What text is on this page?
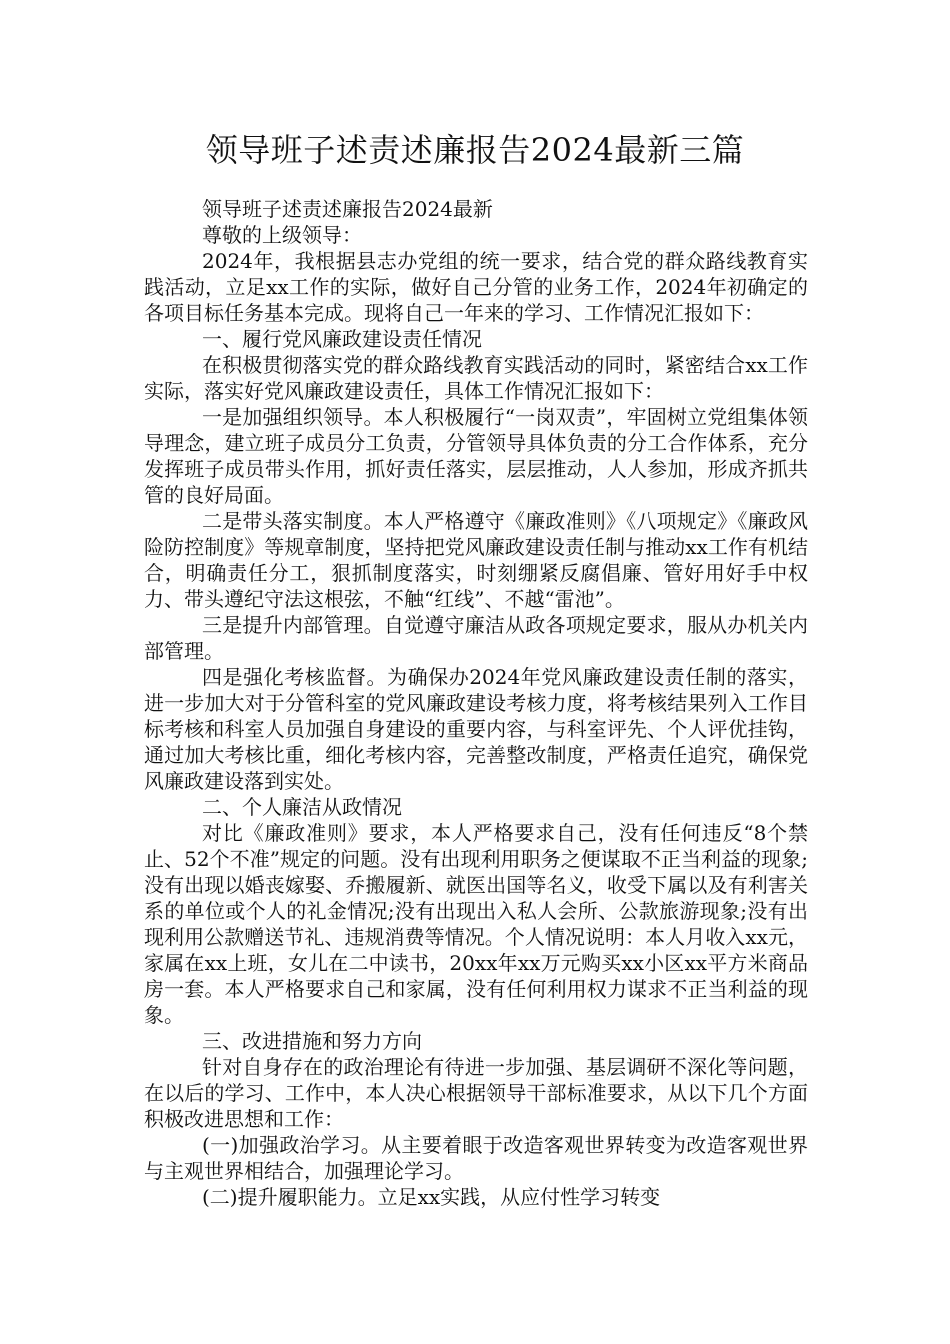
领导班子述责述廉报告2024最新三篇

领导班子述责述廉报告2024最新

尊敬的上级领导：

2024年，我根据县志办党组的统一要求，结合党的群众路线教育实践活动，立足xx工作的实际，做好自己分管的业务工作，2024年初确定的各项目标任务基本完成。现将自己一年来的学习、工作情况汇报如下：

一、履行党风廉政建设责任情况

在积极贯彻落实党的群众路线教育实践活动的同时，紧密结合xx工作实际，落实好党风廉政建设责任，具体工作情况汇报如下：

一是加强组织领导。本人积极履行“一岗双责”，牢固树立党组集体领导理念，建立班子成员分工负责，分管领导具体负责的分工合作体系，充分发挥班子成员带头作用，抓好责任落实，层层推动，人人参加，形成齐抓共管的良好局面。

二是带头落实制度。本人严格遵守《廉政准则》《八项规定》《廉政风险防控制度》等规章制度，坚持把党风廉政建设责任制与推动xx工作有机结合，明确责任分工，狠抓制度落实，时刻绷紧反腐倡廉、管好用好手中权力、带头遵纪守法这根弦，不触“红线”、不越“雷池”。

三是提升内部管理。自觉遵守廉洁从政各项规定要求，服从办机关内部管理。

四是强化考核监督。为确保办2024年党风廉政建设责任制的落实，进一步加大对于分管科室的党风廉政建设考核力度，将考核结果列入工作目标考核和科室人员加强自身建设的重要内容，与科室评先、个人评优挂钩，通过加大考核比重，细化考核内容，完善整改制度，严格责任追究，确保党风廉政建设落到实处。

二、个人廉洁从政情况

对比《廉政准则》要求，本人严格要求自己，没有任何违反“8个禁止、52个不准”规定的问题。没有出现利用职务之便谋取不正当利益的现象;没有出现以婚丧嫁娶、乔搬履新、就医出国等名义，收受下属以及有利害关系的单位或个人的礼金情况;没有出现出入私人会所、公款旅游现象;没有出现利用公款赠送节礼、违规消费等情况。个人情况说明：本人月收入xx元，家属在xx上班，女儿在二中读书，20xx年xx万元购买xx小区xx平方米商品房一套。本人严格要求自己和家属，没有任何利用权力谋求不正当利益的现象。

三、改进措施和努力方向

针对自身存在的政治理论有待进一步加强、基层调研不深化等问题，在以后的学习、工作中，本人决心根据领导干部标准要求，从以下几个方面积极改进思想和工作：

(一)加强政治学习。从主要着眼于改造客观世界转变为改造客观世界与主观世界相结合，加强理论学习。

(二)提升履职能力。立足xx实践，从应付性学习转变
